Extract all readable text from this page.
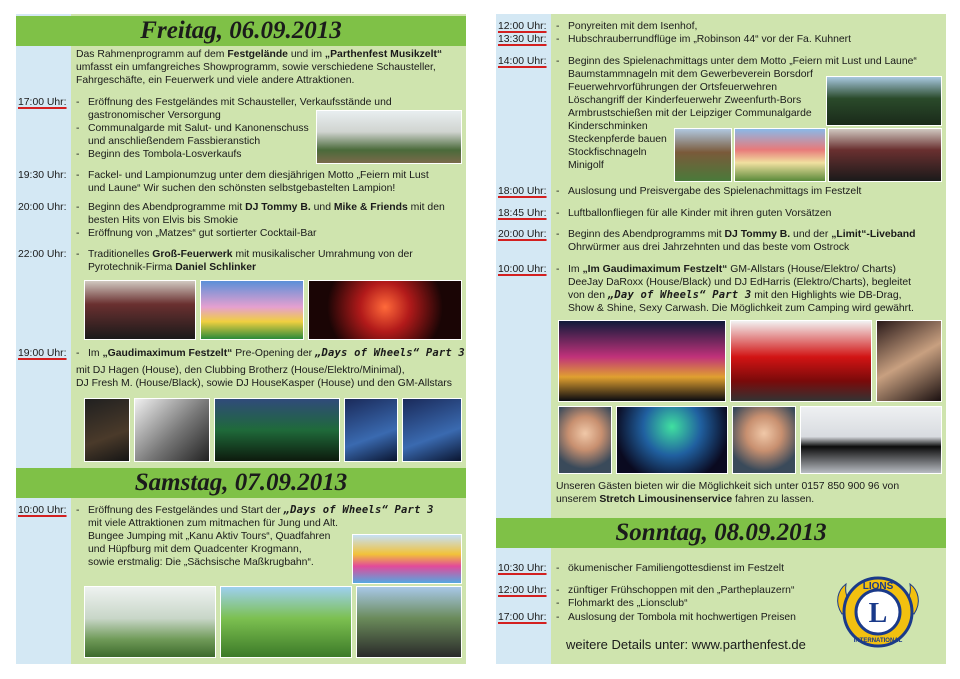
Freitag, 06.09.2013
Das Rahmenprogramm auf dem Festgelände und im „Parthenfest Musikzelt“
umfasst ein umfangreiches Showprogramm, sowie verschiedene Schausteller,
Fahrgeschäfte, ein Feuerwerk und viele andere Attraktionen.
17:00 Uhr: - Eröffnung des Festgeländes mit Schausteller, Verkaufsstände und
gastronomischer Versorgung
- Communalgarde mit Salut- und Kanonenschuss
und anschließendem Fassbieranstich
- Beginn des Tombola-Losverkaufs
19:30 Uhr: - Fackel- und Lampionumzug unter dem diesjährigen Motto „Feiern mit Lust
und Laune“ Wir suchen den schönsten selbstgebastelten Lampion!
20:00 Uhr: - Beginn des Abendprogramme mit DJ Tommy B. und Mike & Friends mit den
besten Hits von Elvis bis Smokie
- Eröffnung von „Matzes“ gut sortierter Cocktail-Bar
22:00 Uhr: - Traditionelles Groß-Feuerwerk mit musikalischer Umrahmung von der
Pyrotechnik-Firma Daniel Schlinker
19:00 Uhr: - Im „Gaudimaximum Festzelt“ Pre-Opening der „Days of Wheels“ Part 3
mit DJ Hagen (House), den Clubbing Brotherz (House/Elektro/Minimal),
DJ Fresh M. (House/Black), sowie DJ HouseKasper (House) und den GM-Allstars
Samstag, 07.09.2013
10:00 Uhr: - Eröffnung des Festgeländes und Start der „Days of Wheels“ Part 3
mit viele Attraktionen zum mitmachen für Jung und Alt.
Bungee Jumping mit „Kanu Aktiv Tours“, Quadfahren
und Hüpfburg mit dem Quadcenter Krogmann,
sowie erstmalig: Die „Sächsische Maßkrugbahn“.
12:00 Uhr: - Ponyreiten mit dem Isenhof,
13:30 Uhr: - Hubschrauberrundflüge im „Robinson 44“ vor der Fa. Kuhnert
14:00 Uhr: - Beginn des Spielenachmittags unter dem Motto „Feiern mit Lust und Laune“
Baumstammnageln mit dem Gewerbeverein Borsdorf
Feuerwehrvorführungen der Ortsfeuerwehren
Löschangriff der Kinderfeuerwehr Zweenfurth-Bors
Armbrustschießen mit der Leipziger Communalgarde
Kinderschminken
Steckenpferde bauen
Stockfischnageln
Minigolf
18:00 Uhr: - Auslosung und Preisvergabe des Spielenachmittags im Festzelt
18:45 Uhr: - Luftballonfliegen für alle Kinder mit ihren guten Vorsätzen
20:00 Uhr: - Beginn des Abendprogramms mit DJ Tommy B. und der „Limit“-Liveband
Ohrwürmer aus drei Jahrzehnten und das beste vom Ostrock
10:00 Uhr: - Im „Im Gaudimaximum Festzelt“ GM-Allstars (House/Elektro/ Charts)
DeeJay DaRoxx (House/Black) und DJ EdHarris (Elektro/Charts), begleitet
von den „Day of Wheels“ Part 3 mit den Highlights wie DB-Drag,
Show & Shine, Sexy Carwash. Die Möglichkeit zum Camping wird gewährt.
Unseren Gästen bieten wir die Möglichkeit sich unter 0157 850 900 96 von
unserem Stretch Limousinenservice fahren zu lassen.
Sonntag, 08.09.2013
10:30 Uhr: - ökumenischer Familiengottesdienst im Festzelt
12:00 Uhr: - zünftiger Frühschoppen mit den „Partheplauzern“
- Flohmarkt des „Lionsclub“
17:00 Uhr: - Auslosung der Tombola mit hochwertigen Preisen
weitere Details unter: www.parthenfest.de
LIONS
L
INTERNATIONAL
